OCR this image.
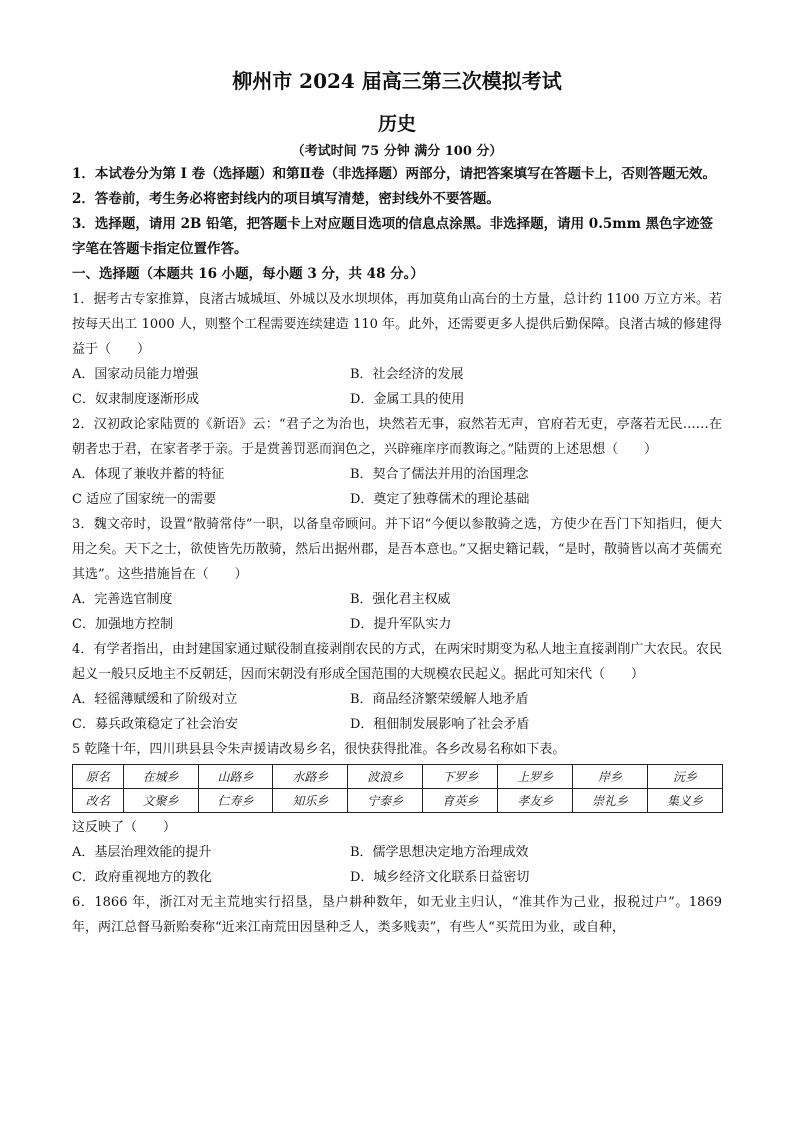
柳州市 2024 届高三第三次模拟考试
历史
（考试时间 75 分钟 满分 100 分）
1．本试卷分为第 I 卷（选择题）和第Ⅱ卷（非选择题）两部分，请把答案填写在答题卡上，否则答题无效。
2．答卷前，考生务必将密封线内的项目填写清楚，密封线外不要答题。
3．选择题，请用 2B 铅笔，把答题卡上对应题目选项的信息点涂黑。非选择题，请用 0.5mm 黑色字迹签字笔在答题卡指定位置作答。
一、选择题（本题共 16 小题，每小题 3 分，共 48 分。）
1．据考古专家推算，良渚古城城垣、外城以及水坝坝体，再加莫角山高台的土方量，总计约 1100 万立方米。若按每天出工 1000 人，则整个工程需要连续建造 110 年。此外，还需要更多人提供后勤保障。良渚古城的修建得益于（　　）
A．国家动员能力增强	B．社会经济的发展
C．奴隶制度逐渐形成	D．金属工具的使用
2．汉初政论家陆贾的《新语》云：“君子之为治也，块然若无事，寂然若无声，官府若无吏，亭落若无民……在朝者忠于君，在家者孝于亲。于是赏善罚恶而润色之，兴辟雍庠序而教诲之。”陆贾的上述思想（　　）
A．体现了兼收并蓄的特征	B．契合了儒法并用的治国理念
C 适应了国家统一的需要	D．奠定了独尊儒术的理论基础
3．魏文帝时，设置“散骑常侍”一职，以备皇帝顾问。并下诏“今便以参散骑之选，方使少在吾门下知指归，便大用之矣。天下之士，欲使皆先历散骑，然后出据州郡，是吾本意也。”又据史籍记载，“是时，散骑皆以高才英儒充其选”。这些措施旨在（　　）
A．完善选官制度	B．强化君主权威
C．加强地方控制	D．提升军队实力
4．有学者指出，由封建国家通过赋役制直接剥削农民的方式，在两宋时期变为私人地主直接剥削广大农民。农民起义一般只反地主不反朝廷，因而宋朝没有形成全国范围的大规模农民起义。据此可知宋代（　　）
A．轻徭薄赋缓和了阶级对立	B．商品经济繁荣缓解人地矛盾
C．募兵政策稳定了社会治安	D．租佃制发展影响了社会矛盾
5 乾隆十年，四川珙县县令朱声援请改易乡名，很快获得批准。各乡改易名称如下表。
原名	在城乡	山路乡	水路乡	波浪乡	下罗乡	上罗乡	岸乡	沅乡
改名	文聚乡	仁寿乡	知乐乡	宁泰乡	育英乡	孝友乡	崇礼乡	集义乡
这反映了（　　）
A．基层治理效能的提升	B．儒学思想决定地方治理成效
C．政府重视地方的教化	D．城乡经济文化联系日益密切
6．1866 年，浙江对无主荒地实行招垦，垦户耕种数年，如无业主归认，“准其作为己业，报税过户”。1869 年，两江总督马新贻奏称“近来江南荒田因垦种乏人，类多贱卖”，有些人“买荒田为业，或自种，
